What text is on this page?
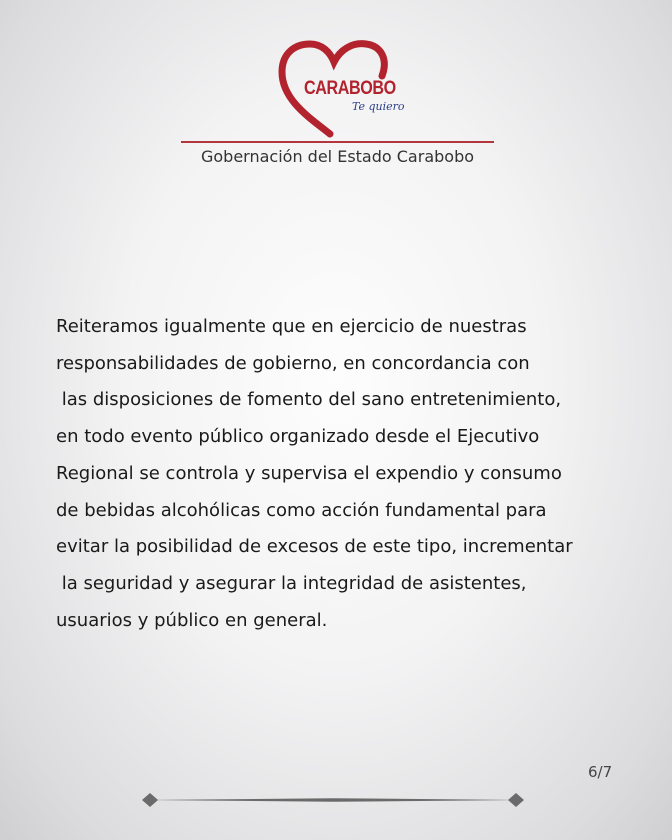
CARABOBO
Te quiero
Gobernación del Estado Carabobo
Reiteramos igualmente que en ejercicio de nuestras
responsabilidades de gobierno, en concordancia con
las disposiciones de fomento del sano entretenimiento,
en todo evento público organizado desde el Ejecutivo
Regional se controla y supervisa el expendio y consumo
de bebidas alcohólicas como acción fundamental para
evitar la posibilidad de excesos de este tipo, incrementar
la seguridad y asegurar la integridad de asistentes,
usuarios y público en general.
6/7
